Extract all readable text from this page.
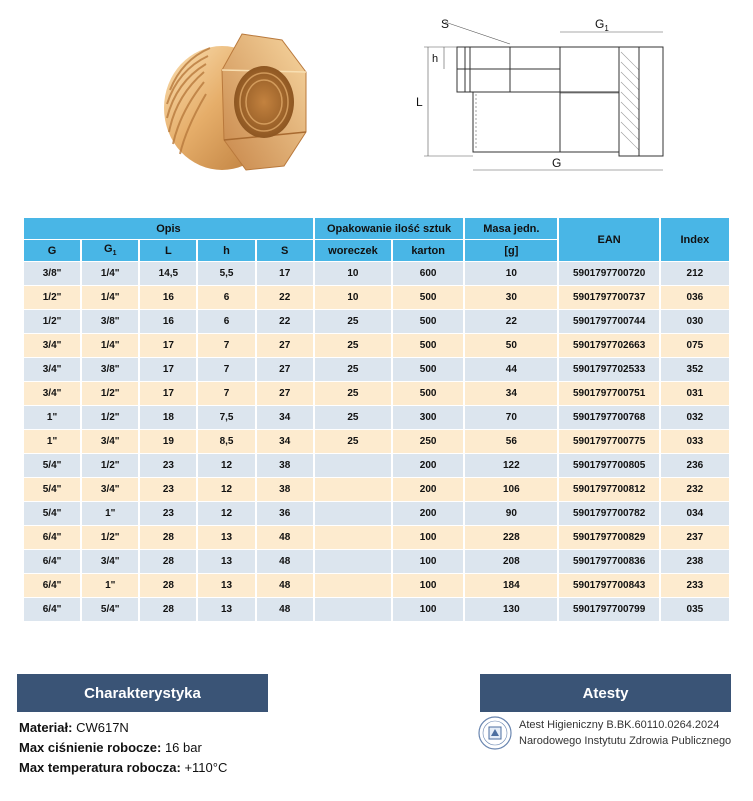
S	$G_1$
h
L
G
Opis					Opakowanie ilość sztuk		Masa jedn.	EAN	Index
G	$G_1$	L	h	S	woreczek	karton	[g]		
3/8"	1/4"	14,5	5,5	17	10	600	10	5901797700720	212
1/2"	1/4"	16	6	22	10	500	30	5901797700737	036
1/2"	3/8"	16	6	22	25	500	22	5901797700744	030
3/4"	1/4"	17	7	27	25	500	50	5901797702663	075
3/4"	3/8"	17	7	27	25	500	44	5901797702533	352
3/4"	1/2"	17	7	27	25	500	34	5901797700751	031
1"	1/2"	18	7,5	34	25	300	70	5901797700768	032
1"	3/4"	19	8,5	34	25	250	56	5901797700775	033
5/4"	1/2"	23	12	38		200	122	5901797700805	236
5/4"	3/4"	23	12	38		200	106	5901797700812	232
5/4"	1"	23	12	36		200	90	5901797700782	034
6/4"	1/2"	28	13	48		100	228	5901797700829	237
6/4"	3/4"	28	13	48		100	208	5901797700836	238
6/4"	1"	28	13	48		100	184	5901797700843	233
6/4"	5/4"	28	13	48		100	130	5901797700799	035
Charakterystyka
Materiał: CW617N
Max ciśnienie robocze: 16 bar
Max temperatura robocza: +110°C
Atesty
Atest Higieniczny B.BK.60110.0264.2024
Narodowego Instytutu Zdrowia Publicznego
